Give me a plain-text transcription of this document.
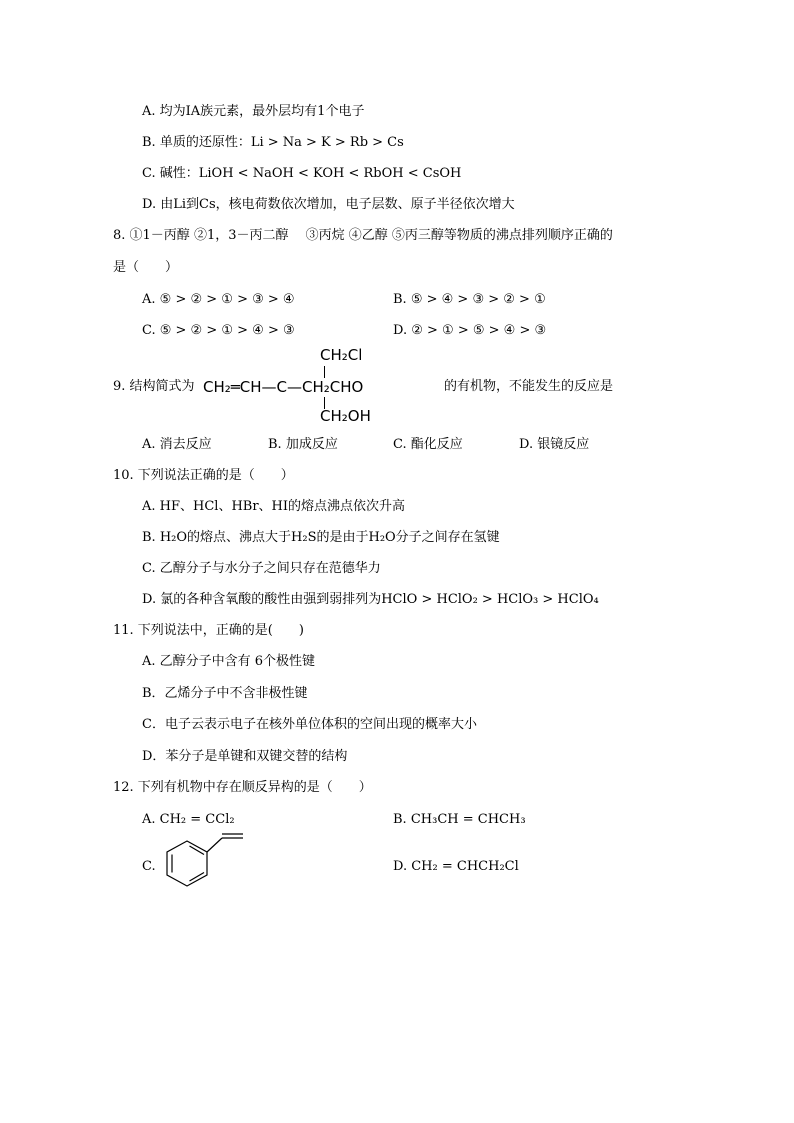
A. 均为ⅠA族元素，最外层均有1个电子
B. 单质的还原性：Li > Na > K > Rb > Cs
C. 碱性：LiOH < NaOH < KOH < RbOH < CsOH
D. 由Li到Cs，核电荷数依次增加，电子层数、原子半径依次增大
8. ①1－丙醇 ②1，3－丙二醇　 ③丙烷 ④乙醇 ⑤丙三醇等物质的沸点排列顺序正确的
是（　　）
A. ⑤ > ② > ① > ③ > ④	B. ⑤ > ④ > ③ > ② > ①
C. ⑤ > ② > ① > ④ > ③	D. ② > ① > ⑤ > ④ > ③
9. 结构简式为
CH₂Cl
CH₂═CH—C—CH₂CHO
CH₂OH
的有机物，不能发生的反应是
A. 消去反应	B. 加成反应	C. 酯化反应	D. 银镜反应
10. 下列说法正确的是（　　）
A. HF、HCl、HBr、HI的熔点沸点依次升高
B. H₂O的熔点、沸点大于H₂S的是由于H₂O分子之间存在氢键
C. 乙醇分子与水分子之间只存在范德华力
D. 氯的各种含氧酸的酸性由强到弱排列为HClO > HClO₂ > HClO₃ > HClO₄
11. 下列说法中，正确的是(　　)
A. 乙醇分子中含有 6个极性键
B．乙烯分子中不含非极性键
C．电子云表示电子在核外单位体积的空间出现的概率大小
D．苯分子是单键和双键交替的结构
12. 下列有机物中存在顺反异构的是（　　）
A. CH₂ = CCl₂	B. CH₃CH = CHCH₃
C.	D. CH₂ = CHCH₂Cl
